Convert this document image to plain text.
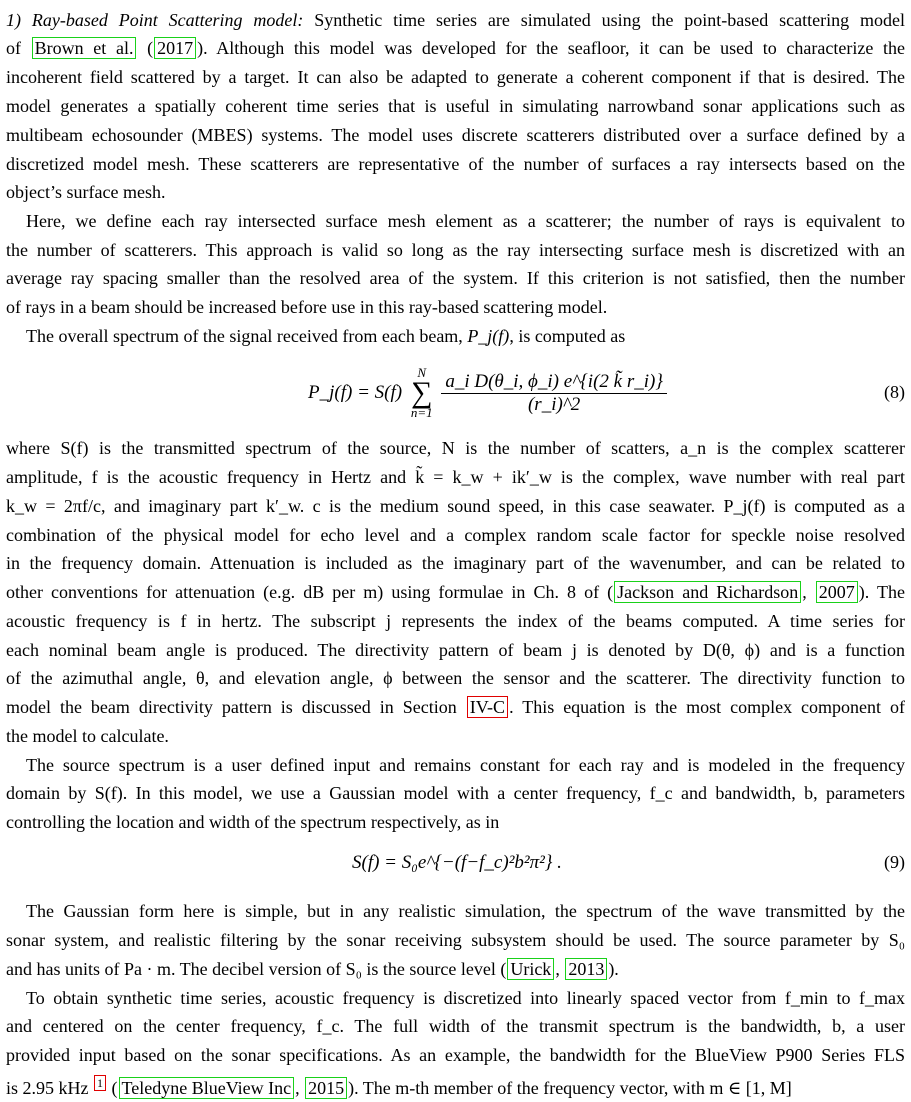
1) Ray-based Point Scattering model: Synthetic time series are simulated using the point-based scattering model
of Brown et al. ( 2017 ). Although this model was developed for the seafloor, it can be used to characterize the
incoherent field scattered by a target. It can also be adapted to generate a coherent component if that is desired. The
model generates a spatially coherent time series that is useful in simulating narrowband sonar applications such as
multibeam echosounder (MBES) systems. The model uses discrete scatterers distributed over a surface defined by a
discretized model mesh. These scatterers are representative of the number of surfaces a ray intersects based on the
object’s surface mesh.
Here, we define each ray intersected surface mesh element as a scatterer; the number of rays is equivalent to
the number of scatterers. This approach is valid so long as the ray intersecting surface mesh is discretized with an
average ray spacing smaller than the resolved area of the system. If this criterion is not satisfied, then the number
of rays in a beam should be increased before use in this ray-based scattering model.
The overall spectrum of the signal received from each beam, P_j(f), is computed as
P_j(f) = S(f)
N
∑
n=1
$\frac{\text{a\_i D(θ\_i, ϕ\_i) e\textasciicircum{}\{i(2 k̃ r\_i)\}}}{(r\_i)\^{}2}$	(8)
where S(f) is the transmitted spectrum of the source, N is the number of scatters, a_n is the complex scatterer
amplitude, f is the acoustic frequency in Hertz and k̃ = k_w + ik′_w is the complex, wave number with real part
k_w = 2πf/c, and imaginary part k′_w. c is the medium sound speed, in this case seawater. P_j(f) is computed as a
combination of the physical model for echo level and a complex random scale factor for speckle noise resolved
in the frequency domain. Attenuation is included as the imaginary part of the wavenumber, and can be related to
other conventions for attenuation (e.g. dB per m) using formulae in Ch. 8 of ( Jackson and Richardson , 2007 ). The
acoustic frequency is f in hertz. The subscript j represents the index of the beams computed. A time series for
each nominal beam angle is produced. The directivity pattern of beam j is denoted by D(θ, ϕ) and is a function
of the azimuthal angle, θ, and elevation angle, ϕ between the sensor and the scatterer. The directivity function to
model the beam directivity pattern is discussed in Section IV-C . This equation is the most complex component of
the model to calculate.
The source spectrum is a user defined input and remains constant for each ray and is modeled in the frequency
domain by S(f). In this model, we use a Gaussian model with a center frequency, f_c and bandwidth, b, parameters
controlling the location and width of the spectrum respectively, as in
S(f) = S₀e^{−(f−f_c)²b²π²} .	(9)
The Gaussian form here is simple, but in any realistic simulation, the spectrum of the wave transmitted by the
sonar system, and realistic filtering by the sonar receiving subsystem should be used. The source parameter by S₀
and has units of Pa · m. The decibel version of S₀ is the source level ( Urick , 2013 ).
To obtain synthetic time series, acoustic frequency is discretized into linearly spaced vector from f_min to f_max
and centered on the center frequency, f_c. The full width of the transmit spectrum is the bandwidth, b, a user
provided input based on the sonar specifications. As an example, the bandwidth for the BlueView P900 Series FLS
is 2.95 kHz $^1$ ( Teledyne BlueView Inc , 2015 ). The m-th member of the frequency vector, with m ∈ [1, M]
